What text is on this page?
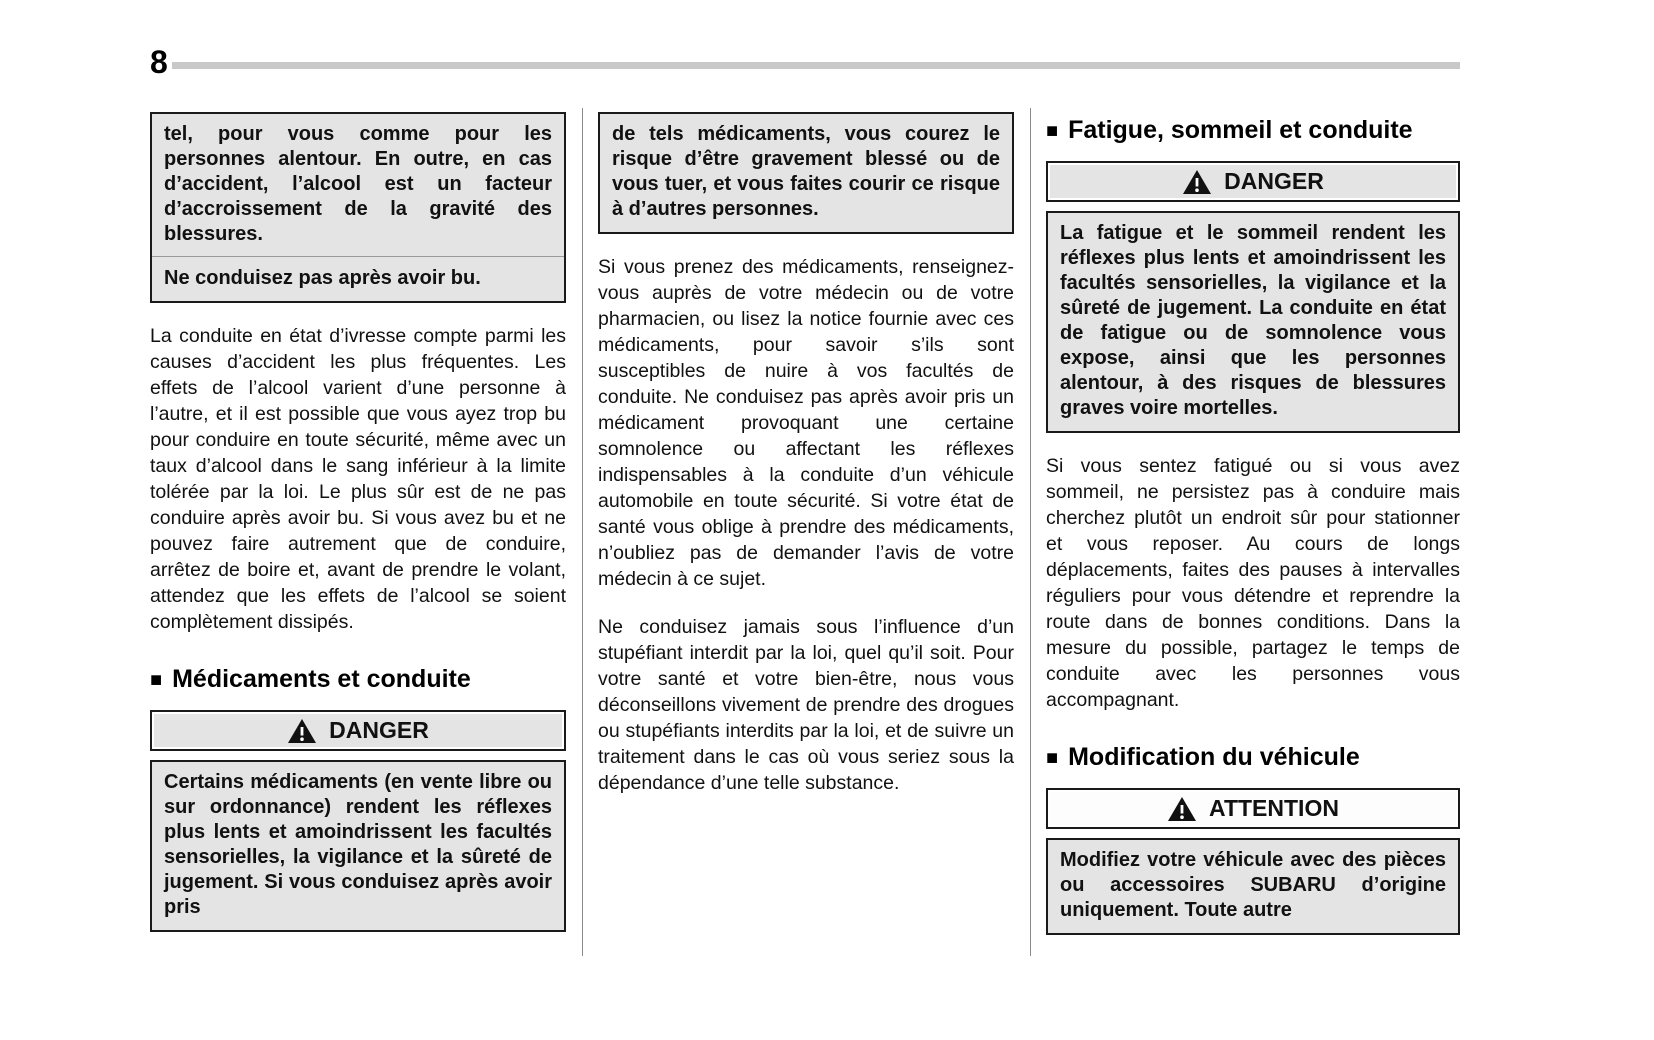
8

tel, pour vous comme pour les personnes alentour. En outre, en cas d’accident, l’alcool est un facteur d’accroissement de la gravité des blessures.

Ne conduisez pas après avoir bu.

La conduite en état d’ivresse compte parmi les causes d’accident les plus fréquentes. Les effets de l’alcool varient d’une personne à l’autre, et il est possible que vous ayez trop bu pour conduire en toute sécurité, même avec un taux d’alcool dans le sang inférieur à la limite tolérée par la loi. Le plus sûr est de ne pas conduire après avoir bu. Si vous avez bu et ne pouvez faire autrement que de conduire, arrêtez de boire et, avant de prendre le volant, attendez que les effets de l’alcool se soient complètement dissipés.

■ Médicaments et conduite
DANGER

Certains médicaments (en vente libre ou sur ordonnance) rendent les réflexes plus lents et amoindrissent les facultés sensorielles, la vigilance et la sûreté de jugement. Si vous conduisez après avoir pris

de tels médicaments, vous courez le risque d’être gravement blessé ou de vous tuer, et vous faites courir ce risque à d’autres personnes.

Si vous prenez des médicaments, renseignez-vous auprès de votre médecin ou de votre pharmacien, ou lisez la notice fournie avec ces médicaments, pour savoir s’ils sont susceptibles de nuire à vos facultés de conduite. Ne conduisez pas après avoir pris un médicament provoquant une certaine somnolence ou affectant les réflexes indispensables à la conduite d’un véhicule automobile en toute sécurité. Si votre état de santé vous oblige à prendre des médicaments, n’oubliez pas de demander l’avis de votre médecin à ce sujet.

Ne conduisez jamais sous l’influence d’un stupéfiant interdit par la loi, quel qu’il soit. Pour votre santé et votre bien-être, nous vous déconseillons vivement de prendre des drogues ou stupéfiants interdits par la loi, et de suivre un traitement dans le cas où vous seriez sous la dépendance d’une telle substance.

■ Fatigue, sommeil et conduite
DANGER

La fatigue et le sommeil rendent les réflexes plus lents et amoindrissent les facultés sensorielles, la vigilance et la sûreté de jugement. La conduite en état de fatigue ou de somnolence vous expose, ainsi que les personnes alentour, à des risques de blessures graves voire mortelles.

Si vous sentez fatigué ou si vous avez sommeil, ne persistez pas à conduire mais cherchez plutôt un endroit sûr pour stationner et vous reposer. Au cours de longs déplacements, faites des pauses à intervalles réguliers pour vous détendre et reprendre la route dans de bonnes conditions. Dans la mesure du possible, partagez le temps de conduite avec les personnes vous accompagnant.

■ Modification du véhicule
ATTENTION

Modifiez votre véhicule avec des pièces ou accessoires SUBARU d’origine uniquement. Toute autre
